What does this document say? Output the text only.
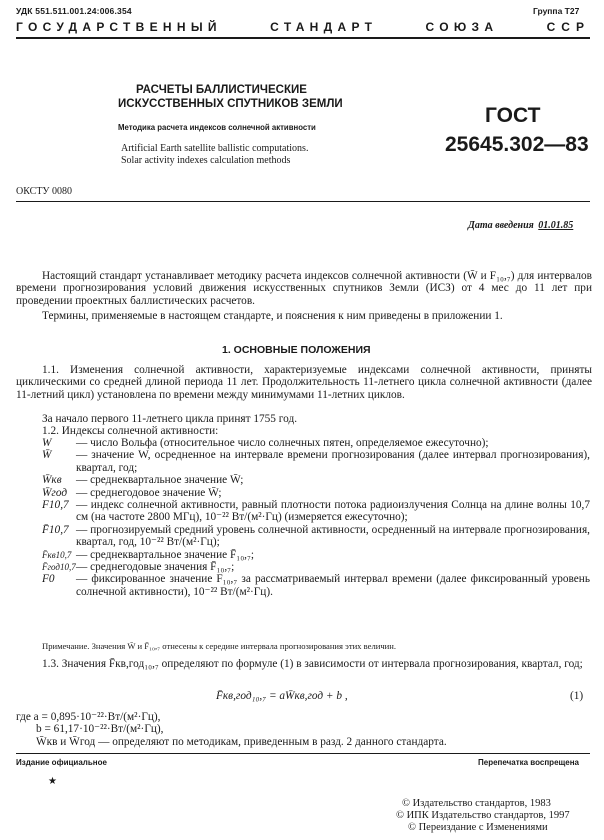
УДК 551.511.001.24:006.354	Группа Т27
ГОСУДАРСТВЕННЫЙ	СТАНДАРТ	СОЮЗА	ССР
РАСЧЕТЫ БАЛЛИСТИЧЕСКИЕ
ИСКУССТВЕННЫХ СПУТНИКОВ ЗЕМЛИ
Методика расчета индексов солнечной активности
Artificial Earth satellite ballistic computations.
Solar activity indexes calculation methods
ГОСТ
25645.302—83
ОКСТУ 0080
Дата введения 01.01.85
Настоящий стандарт устанавливает методику расчета индексов солнечной активности (W̄ и F₁₀,₇) для интервалов времени прогнозирования условий движения искусственных спутников Земли (ИСЗ) от 4 мес до 11 лет при проведении проектных баллистических расчетов.
Термины, применяемые в настоящем стандарте, и пояснения к ним приведены в приложении 1.
1. ОСНОВНЫЕ ПОЛОЖЕНИЯ
1.1. Изменения солнечной активности, характеризуемые индексами солнечной активности, приняты циклическими со средней длиной периода 11 лет. Продолжительность 11-летнего цикла солнечной активности (далее 11-летний цикл) установлена по времени между минимумами 11-летних циклов.
За начало первого 11-летнего цикла принят 1755 год.
1.2. Индексы солнечной активности:
W	— число Вольфа (относительное число солнечных пятен, определяемое ежесуточно);
W̄	— значение W, осредненное на интервале времени прогнозирования (далее интервал прогнозирования), квартал, год;
W̄кв	— среднеквартальное значение W̄;
W̄год — среднегодовое значение W̄;
F10,7 — индекс солнечной активности, равный плотности потока радиоизлучения Солнца на длине волны 10,7 см (на частоте 2800 МГц), 10⁻²² Вт/(м²·Гц) (измеряется ежесуточно);
F̄10,7 — прогнозируемый средний уровень солнечной активности, осредненный на интервале прогнозирования, квартал, год, 10⁻²² Вт/(м²·Гц);
F̄кв10,7 — среднеквартальное значение F̄₁₀,₇;
F̄год10,7 — среднегодовые значения F̄₁₀,₇;
F0	— фиксированное значение F₁₀,₇ за рассматриваемый интервал времени (далее фиксированный уровень солнечной активности), 10⁻²² Вт/(м²·Гц).
Примечание. Значения W̄ и F̄₁₀,₇ отнесены к середине интервала прогнозирования этих величин.
1.3. Значения F̄кв,год₁₀,₇ определяют по формуле (1) в зависимости от интервала прогнозирования, квартал, год;
F̄кв,год₁₀,₇ = aW̄кв,год + b ,	(1)
где a = 0,895·10⁻²²·Вт/(м²·Гц),
b = 61,17·10⁻²²·Вт/(м²·Гц),
W̄кв и W̄год — определяют по методикам, приведенным в разд. 2 данного стандарта.
Издание официальное	Перепечатка воспрещена
★
© Издательство стандартов, 1983
© ИПК Издательство стандартов, 1997
© Переиздание с Изменениями
